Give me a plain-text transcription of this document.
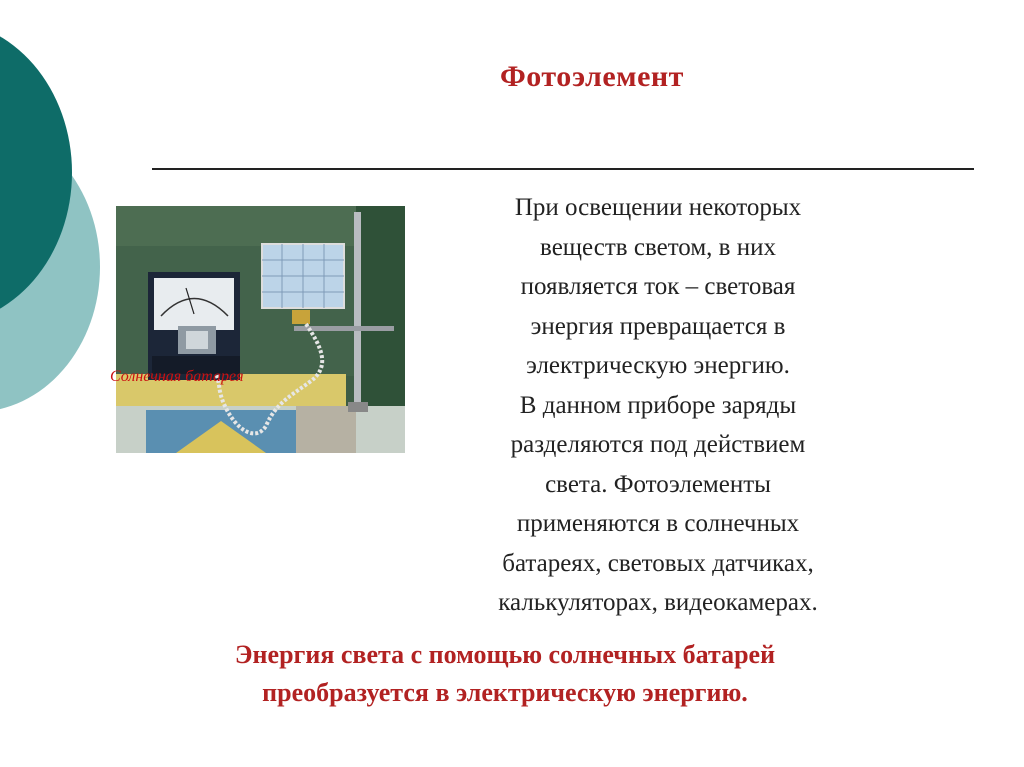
Фотоэлемент
Солнечная батарея
При освещении некоторых
веществ светом, в них
появляется ток – световая
энергия превращается в
электрическую энергию.
В данном приборе заряды
разделяются под действием
света. Фотоэлементы
применяются в солнечных
батареях, световых датчиках,
калькуляторах, видеокамерах.
Энергия света с помощью солнечных батарей
преобразуется в электрическую энергию.
